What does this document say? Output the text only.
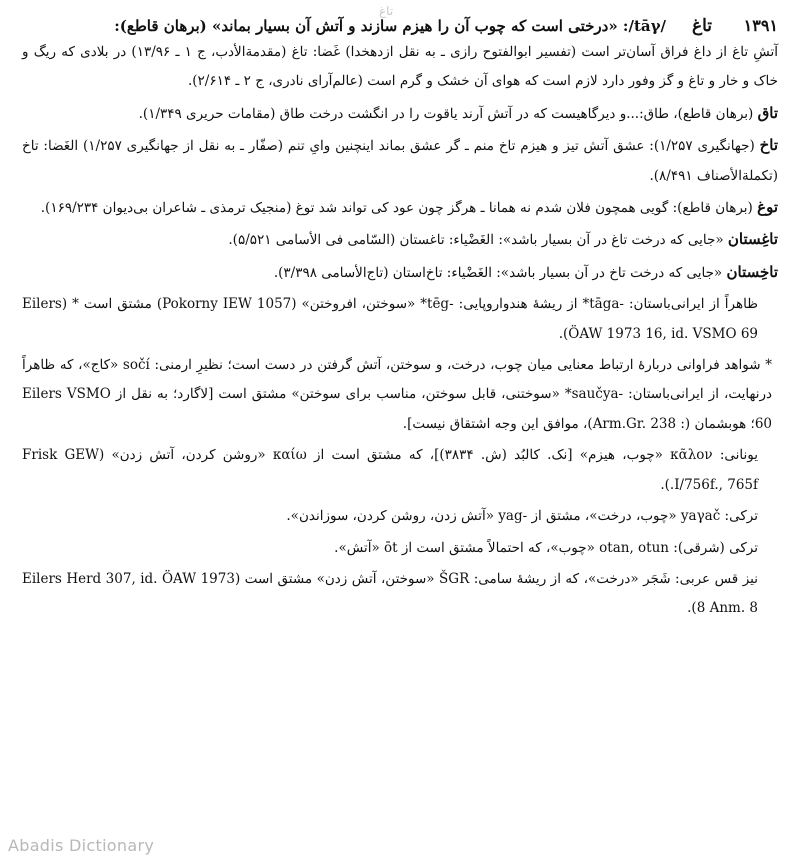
تاغ
۱۳۹۱
تاغ
/tāγ/: «درختی است که چوب آن را هیزم سازند و آتش آن بسیار بماند» (برهان قاطع):

آتشِ تاغ از داغ فراق آسان‌تر است (تفسیر ابوالفتوح رازی ـ به نقل ازدهخدا) غَضا: تاغ (مقدمةالأدب، ج ۱ ـ ۱۳/۹۶) در بلادی که ریگ و خاک و خار و تاغ و گز وفور دارد لازم است که هوای آن خشک و گرم است (عالم‌آرای نادری، ج ۲ ـ ۲/۶۱۴).

تاق (برهان قاطع)، طاق:...و دیرگاهیست که در آتش آرند یاقوت را در انگشت درخت طاق (مقامات حریری ۱/۳۴۹).

تاخ (جهانگیری ۱/۲۵۷): عشق آتش تیز و هیزم تاخ منم ـ گر عشق بماند اینچنین وایِ تنم (صفّار ـ به نقل از جهانگیری ۱/۲۵۷) الغَضا: تاخ (تکملةالأصناف ۸/۴۹۱).

توغ (برهان قاطع): گویی همچون فلان شدم نه همانا ـ هرگز چون عود کی تواند شد توغ (منجیک ترمذی ـ شاعران بی‌دیوان ۱۶۹/۲۳۴).

تاغِستان «جایی که درخت تاغ در آن بسیار باشد»: الغَضْیاء: تاغستان (السّامی فی الأسامی ۵/۵۲۱).

تاخِستان «جایی که درخت تاخ در آن بسیار باشد»: الغَضْیاء: تاخ‌استان (تاج‌الأسامی ۳/۳۹۸).

ظاهراً از ایرانی‌باستان: ‎*tāga-‎ از ریشهٔ هندواروپایی: ‎*tēg-‎ «سوختن، افروختن» (Pokorny IEW 1057) مشتق است * (Eilers ÖAW 1973 16, id. VSMO 69).

* شواهد فراوانی دربارهٔ ارتباط معنایی میان چوب، درخت، و سوختن، آتش گرفتن در دست است؛ نظیرِ ارمنی: sočí «کاج»، که ظاهراً درنهایت، از ایرانی‌باستان: ‎*saučya-‎ «سوختنی، قابل سوختن، مناسب برای سوختن» مشتق است [لاگارد؛ به نقل از Eilers VSMO 60؛ هوبشمان (: Arm.Gr. 238)، موافق این وجه اشتقاق نیست].

یونانی: κᾶλον «چوب، هیزم» [نک. کالبُد (ش. ۳۸۳۴)]، که مشتق است از καίω «روشن کردن، آتش زدن» (Frisk GEW I/756f., 765f.).

ترکی: yaγač «چوب، درخت»، مشتق از -yag «آتش زدن، روشن کردن، سوزاندن».

ترکی (شرقی): otan, otun «چوب»، که احتمالاً مشتق است از ōt «آتش».

نیز قس عربی: شَجَر «درخت»، که از ریشهٔ سامی: ŠGR «سوختن، آتش زدن» مشتق است (Eilers Herd 307, id. ÖAW 1973 8 Anm. 8).

Abadis Dictionary
